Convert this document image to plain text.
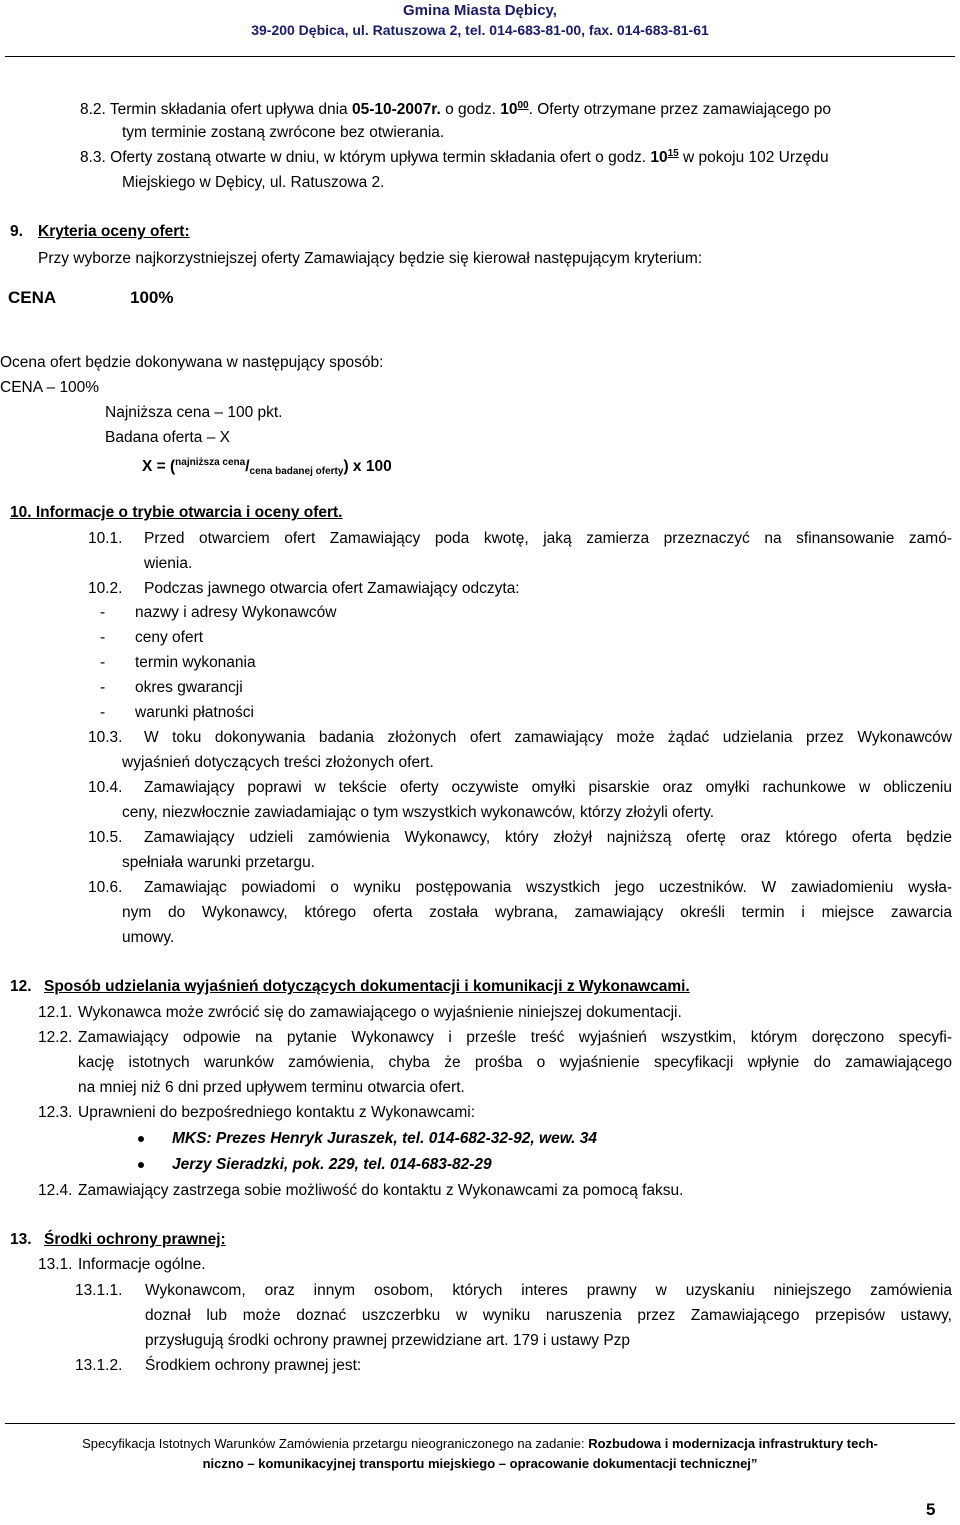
Gmina Miasta Dębicy,
39-200 Dębica, ul. Ratuszowa 2, tel. 014-683-81-00, fax. 014-683-81-61
8.2. Termin składania ofert upływa dnia 05-10-2007r. o godz. $10^{00}$. Oferty otrzymane przez zamawiającego po
tym terminie zostaną zwrócone bez otwierania.
8.3. Oferty zostaną otwarte w dniu, w którym upływa termin składania ofert o godz. $10^{15}$ w pokoju 102 Urzędu
Miejskiego w Dębicy, ul. Ratuszowa 2.
9. Kryteria oceny ofert:
Przy wyborze najkorzystniejszej oferty Zamawiający będzie się kierował następującym kryterium:
CENA	100%
Ocena ofert będzie dokonywana w następujący sposób:
CENA – 100%
Najniższa cena – 100 pkt.
Badana oferta – X
X = ($^{najniższa cena}$/cena badanej oferty) x 100
10. Informacje o trybie otwarcia i oceny ofert.
10.1. Przed otwarciem ofert Zamawiający poda kwotę, jaką zamierza przeznaczyć na sfinansowanie zamó-
wienia.
10.2. Podczas jawnego otwarcia ofert Zamawiający odczyta:
- nazwy i adresy Wykonawców
- ceny ofert
- termin wykonania
- okres gwarancji
- warunki płatności
10.3. W toku dokonywania badania złożonych ofert zamawiający może żądać udzielania przez Wykonawców
wyjaśnień dotyczących treści złożonych ofert.
10.4. Zamawiający poprawi w tekście oferty oczywiste omyłki pisarskie oraz omyłki rachunkowe w obliczeniu
ceny, niezwłocznie zawiadamiając o tym wszystkich wykonawców, którzy złożyli oferty.
10.5. Zamawiający udzieli zamówienia Wykonawcy, który złożył najniższą ofertę oraz którego oferta będzie
spełniała warunki przetargu.
10.6. Zamawiając powiadomi o wyniku postępowania wszystkich jego uczestników. W zawiadomieniu wysła-
nym do Wykonawcy, którego oferta została wybrana, zamawiający określi termin i miejsce zawarcia
umowy.
12. Sposób udzielania wyjaśnień dotyczących dokumentacji i komunikacji z Wykonawcami.
12.1. Wykonawca może zwrócić się do zamawiającego o wyjaśnienie niniejszej dokumentacji.
12.2. Zamawiający odpowie na pytanie Wykonawcy i prześle treść wyjaśnień wszystkim, którym doręczono specyfi-
kację istotnych warunków zamówienia, chyba że prośba o wyjaśnienie specyfikacji wpłynie do zamawiającego
na mniej niż 6 dni przed upływem terminu otwarcia ofert.
12.3. Uprawnieni do bezpośredniego kontaktu z Wykonawcami:
MKS: Prezes Henryk Juraszek, tel. 014-682-32-92, wew. 34
Jerzy Sieradzki, pok. 229, tel. 014-683-82-29
12.4. Zamawiający zastrzega sobie możliwość do kontaktu z Wykonawcami za pomocą faksu.
13. Środki ochrony prawnej:
13.1. Informacje ogólne.
13.1.1. Wykonawcom, oraz innym osobom, których interes prawny w uzyskaniu niniejszego zamówienia
doznał lub może doznać uszczerbku w wyniku naruszenia przez Zamawiającego przepisów ustawy,
przysługują środki ochrony prawnej przewidziane art. 179 i ustawy Pzp
13.1.2. Środkiem ochrony prawnej jest:
Specyfikacja Istotnych Warunków Zamówienia przetargu nieograniczonego na zadanie: Rozbudowa i modernizacja infrastruktury tech-
niczno – komunikacyjnej transportu miejskiego – opracowanie dokumentacji technicznej”
5
